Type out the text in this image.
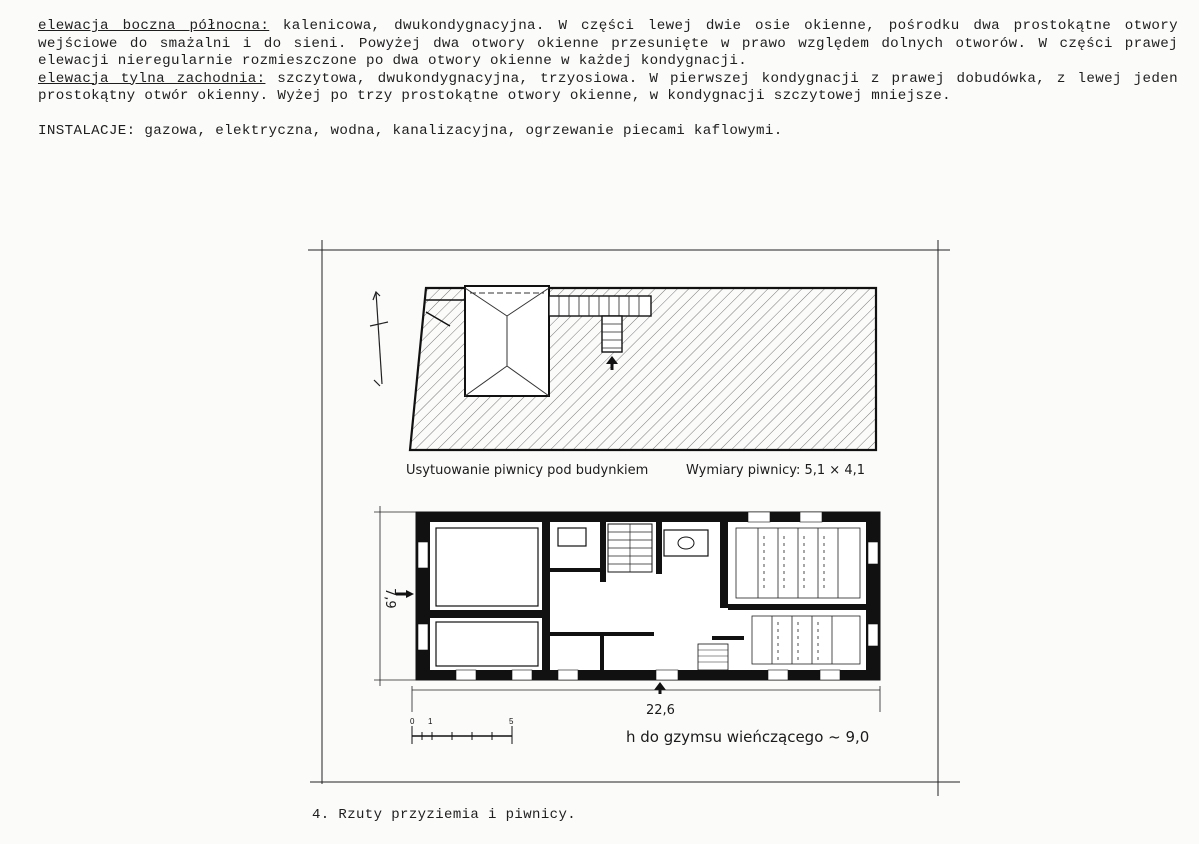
elewacja boczna północna: kalenicowa, dwukondygnacyjna. W części lewej dwie osie okienne, pośrodku dwa prostokątne otwory wejściowe do smażalni i do sieni. Powyżej dwa otwory okienne przesunięte w prawo względem dolnych otworów. W części prawej elewacji nieregularnie rozmieszczone po dwa otwory okienne w każdej kondygnacji.

elewacja tylna zachodnia: szczytowa, dwukondygnacyjna, trzyosiowa. W pierwszej kondygnacji z prawej dobudówka, z lewej jeden prostokątny otwór okienny. Wyżej po trzy prostokątne otwory okienne, w kondygnacji szczytowej mniejsze.

INSTALACJE: gazowa, elektryczna, wodna, kanalizacyjna, ogrzewanie piecami kaflowymi.

Usytuowanie piwnicy pod budynkiem	Wymiary piwnicy: 5,1 × 4,1
7,9
22,6
0 1	5
h do gzymsu wieńczącego ~ 9,0
4. Rzuty przyziemia i piwnicy.
